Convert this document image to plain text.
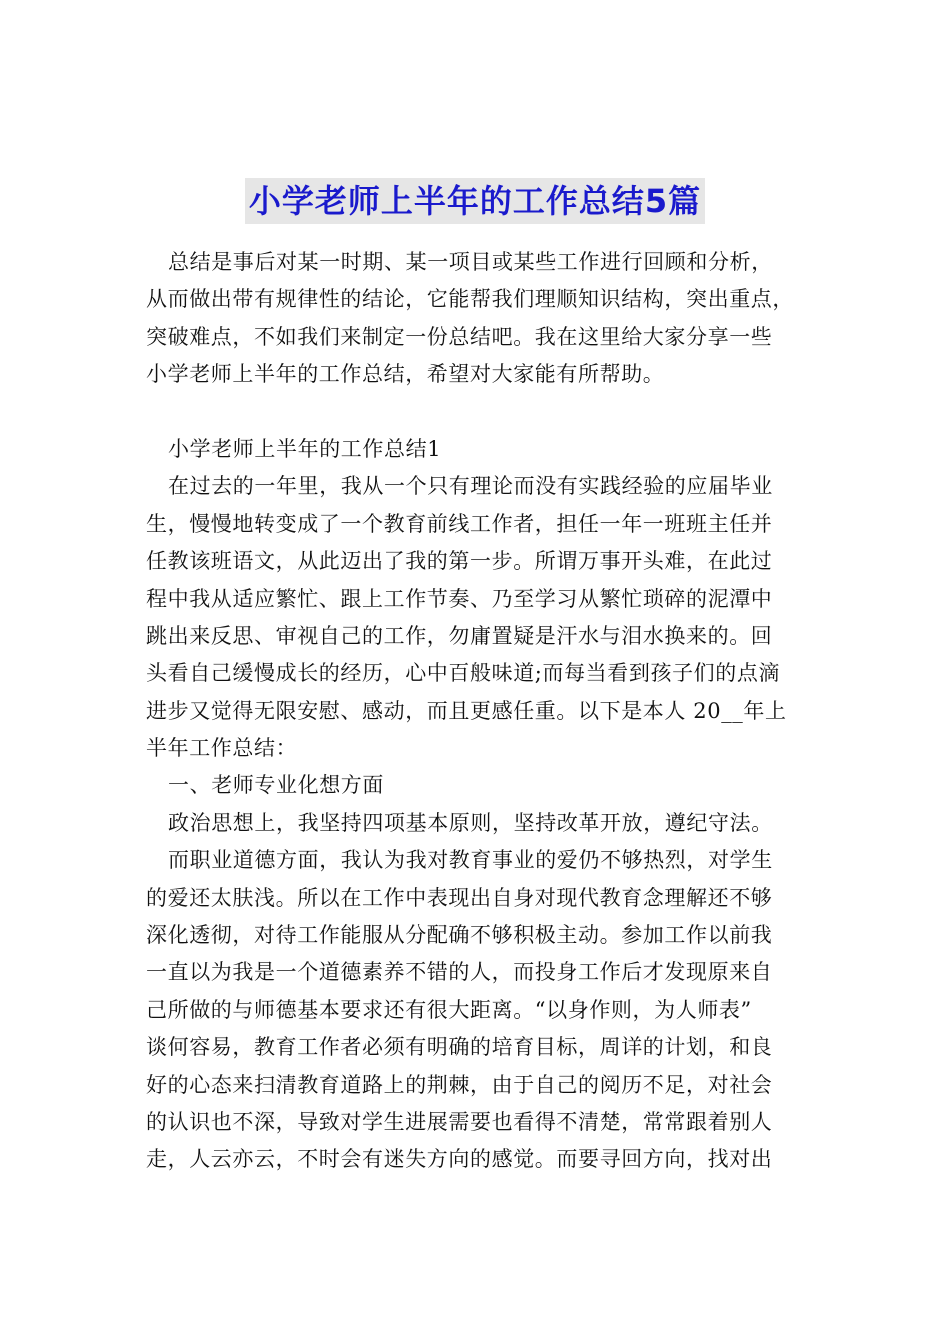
小学老师上半年的工作总结5篇
总结是事后对某一时期、某一项目或某些工作进行回顾和分析，
从而做出带有规律性的结论，它能帮我们理顺知识结构，突出重点，
突破难点，不如我们来制定一份总结吧。我在这里给大家分享一些
小学老师上半年的工作总结，希望对大家能有所帮助。
小学老师上半年的工作总结1
在过去的一年里，我从一个只有理论而没有实践经验的应届毕业
生，慢慢地转变成了一个教育前线工作者，担任一年一班班主任并
任教该班语文，从此迈出了我的第一步。所谓万事开头难，在此过
程中我从适应繁忙、跟上工作节奏、乃至学习从繁忙琐碎的泥潭中
跳出来反思、审视自己的工作，勿庸置疑是汗水与泪水换来的。回
头看自己缓慢成长的经历，心中百般味道;而每当看到孩子们的点滴
进步又觉得无限安慰、感动，而且更感任重。以下是本人 20__年上
半年工作总结：
一、老师专业化想方面
政治思想上，我坚持四项基本原则，坚持改革开放，遵纪守法。
而职业道德方面，我认为我对教育事业的爱仍不够热烈，对学生
的爱还太肤浅。所以在工作中表现出自身对现代教育念理解还不够
深化透彻，对待工作能服从分配确不够积极主动。参加工作以前我
一直以为我是一个道德素养不错的人，而投身工作后才发现原来自
己所做的与师德基本要求还有很大距离。“以身作则，为人师表”
谈何容易，教育工作者必须有明确的培育目标，周详的计划，和良
好的心态来扫清教育道路上的荆棘，由于自己的阅历不足，对社会
的认识也不深，导致对学生进展需要也看得不清楚，常常跟着别人
走，人云亦云，不时会有迷失方向的感觉。而要寻回方向，找对出
